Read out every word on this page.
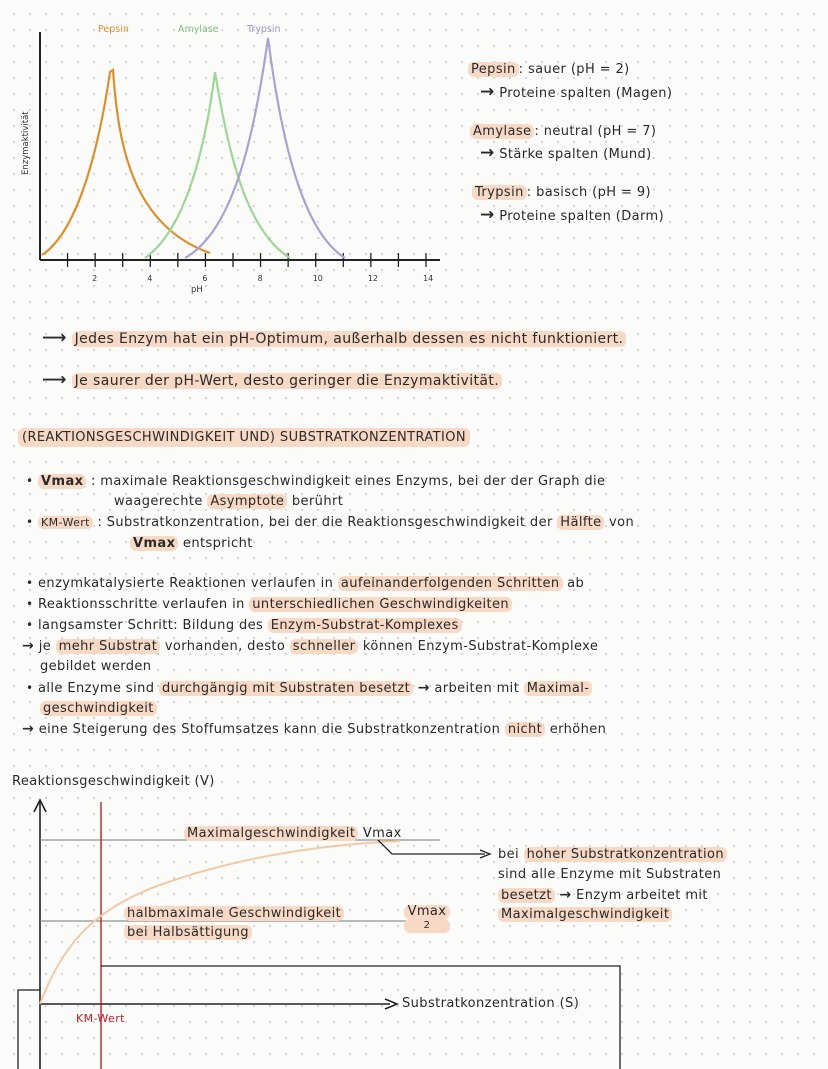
2	4	6	8	10	12	14
Pepsin	Amylase	Trypsin
Enzymaktivität
pH
Pepsin : sauer (pH = 2)
→ Proteine spalten (Magen)
Amylase : neutral (pH = 7)
→ Stärke spalten (Mund)
Trypsin : basisch (pH = 9)
→ Proteine spalten (Darm)
⟶ Jedes Enzym hat ein pH-Optimum, außerhalb dessen es nicht funktioniert.
⟶ Je saurer der pH-Wert, desto geringer die Enzymaktivität.
(REAKTIONSGESCHWINDIGKEIT UND) SUBSTRATKONZENTRATION
• Vmax : maximale Reaktionsgeschwindigkeit eines Enzyms, bei der der Graph die
waagerechte Asymptote berührt
• KM-Wert : Substratkonzentration, bei der die Reaktionsgeschwindigkeit der Hälfte von
Vmax entspricht
• enzymkatalysierte Reaktionen verlaufen in aufeinanderfolgenden Schritten ab
• Reaktionsschritte verlaufen in unterschiedlichen Geschwindigkeiten
• langsamster Schritt: Bildung des Enzym-Substrat-Komplexes
→ je mehr Substrat vorhanden, desto schneller können Enzym-Substrat-Komplexe
gebildet werden
• alle Enzyme sind durchgängig mit Substraten besetzt → arbeiten mit Maximal-
geschwindigkeit
→ eine Steigerung des Stoffumsatzes kann die Substratkonzentration nicht erhöhen
Reaktionsgeschwindigkeit (V)
Maximalgeschwindigkeit Vmax
halbmaximale Geschwindigkeit
bei Halbsättigung
Vmax
2
KM-Wert
Substratkonzentration (S)
bei hoher Substratkonzentration
sind alle Enzyme mit Substraten
besetzt → Enzym arbeitet mit
Maximalgeschwindigkeit
